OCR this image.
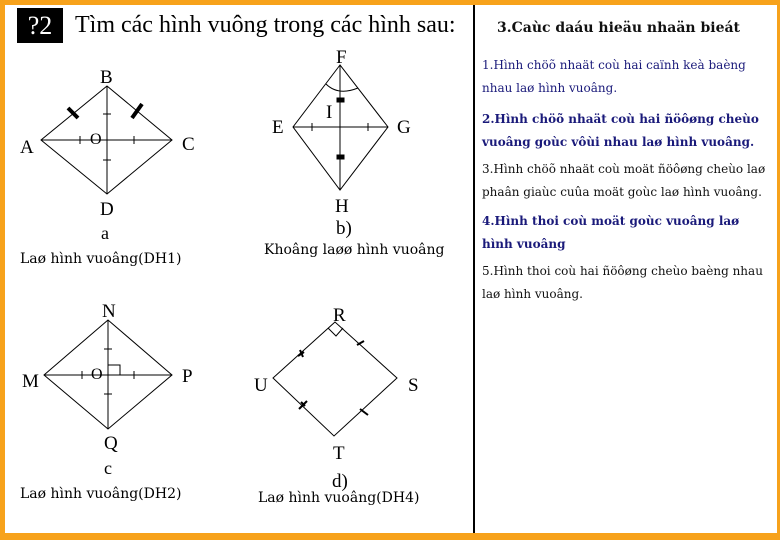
?2 Tìm các hình vuông trong các hình sau:
B
A	C
D
O
a
Laø hình vuoâng(DH1)
F
E	G
H
I
b)
Khoâng laøø hình vuoâng
N
M	P
Q
O
c
Laø hình vuoâng(DH2)
R
U	S
T
d)
Laø hình vuoâng(DH4)
3.Caùc daáu hieäu nhaän bieát
1.Hình chöõ nhaät coù hai caïnh keà baèng nhau laø hình vuoâng.
2.Hình chöõ nhaät coù hai ñöôøng cheùo vuoâng goùc vôùi nhau laø hình vuoâng.
3.Hình chöõ nhaät coù moät ñöôøng cheùo laø phaân giaùc cuûa moät goùc laø hình vuoâng.
4.Hình thoi coù moät goùc vuoâng laø hình vuoâng
5.Hình thoi coù hai ñöôøng cheùo baèng nhau laø hình vuoâng.
